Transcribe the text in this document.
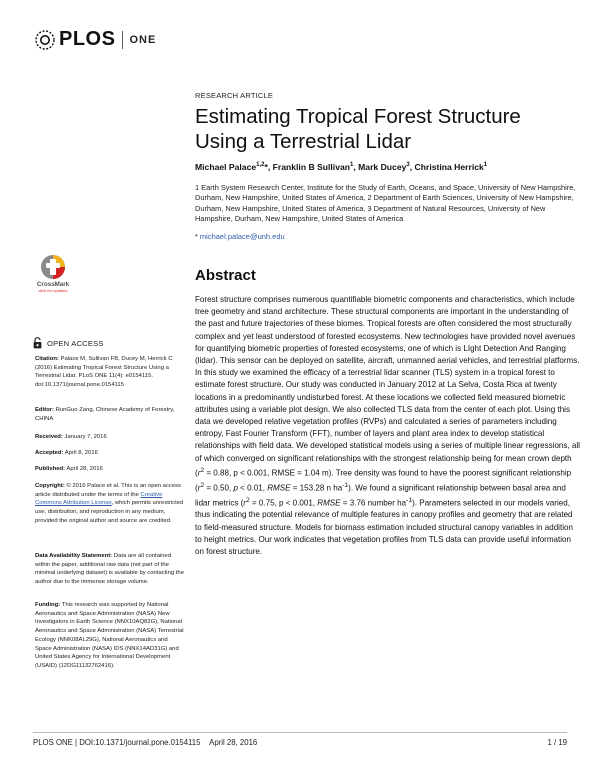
PLOS ONE
RESEARCH ARTICLE
Estimating Tropical Forest Structure Using a Terrestrial Lidar
Michael Palace$^{1,2}$*, Franklin B Sullivan$^1$, Mark Ducey$^3$, Christina Herrick$^1$
1 Earth System Research Center, Institute for the Study of Earth, Oceans, and Space, University of New Hampshire, Durham, New Hampshire, United States of America, 2 Department of Earth Sciences, University of New Hampshire, Durham, New Hampshire, United States of America, 3 Department of Natural Resources, University of New Hampshire, Durham, New Hampshire, United States of America
* michael.palace@unh.edu
CrossMark
click for updates
Abstract

Forest structure comprises numerous quantifiable biometric components and characteristics, which include tree geometry and stand architecture. These structural components are important in the understanding of the past and future trajectories of these biomes. Tropical forests are often considered the most structurally complex and yet least understood of forested ecosystems. New technologies have provided novel avenues for quantifying biometric properties of forested ecosystems, one of which is LIght Detection And Ranging (lidar). This sensor can be deployed on satellite, aircraft, unmanned aerial vehicles, and terrestrial platforms. In this study we examined the efficacy of a terrestrial lidar scanner (TLS) system in a tropical forest to estimate forest structure. Our study was conducted in January 2012 at La Selva, Costa Rica at twenty locations in a predominantly undisturbed forest. At these locations we collected field measured biometric attributes using a variable plot design. We also collected TLS data from the center of each plot. Using this data we developed relative vegetation profiles (RVPs) and calculated a series of parameters including entropy, Fast Fourier Transform (FFT), number of layers and plant area index to develop statistical relationships with field data. We developed statistical models using a series of multiple linear regressions, all of which converged on significant relationships with the strongest relationship being for mean crown depth ($r^2 = 0.88$, p < 0.001, RMSE = 1.04 m). Tree density was found to have the poorest significant relationship ($r^2 = 0.50$, p < 0.01, RMSE = 153.28 n $ha^{-1}$). We found a significant relationship between basal area and lidar metrics ($r^2 = 0.75$, p < 0.001, RMSE = 3.76 number $ha^{-1}$). Parameters selected in our models varied, thus indicating the potential relevance of multiple features in canopy profiles and geometry that are related to field-measured structure. Models for biomass estimation included structural canopy variables in addition to height metrics. Our work indicates that vegetation profiles from TLS data can provide useful information on forest structure.

OPEN ACCESS
Citation: Palace M, Sullivan FB, Ducey M, Herrick C (2016) Estimating Tropical Forest Structure Using a Terrestrial Lidar. PLoS ONE 11(4): e0154115. doi:10.1371/journal.pone.0154115
Editor: RunGuo Zang, Chinese Academy of Forestry, CHINA
Received: January 7, 2016
Accepted: April 8, 2016
Published: April 28, 2016
Copyright: © 2016 Palace et al. This is an open access article distributed under the terms of the Creative Commons Attribution License, which permits unrestricted use, distribution, and reproduction in any medium, provided the original author and source are credited.
Data Availability Statement: Data are all contained within the paper, additional raw data (not part of the minimal underlying dataset) is available by contacting the author due to the immense storage volume.
Funding: This research was supported by National Aeronautics and Space Administration (NASA) New Investigators in Earth Science (NNX10AQ82G), National Aeronautics and Space Administration (NASA) Terrestrial Ecology (NNK08AL29G), National Aeronautics and Space Administration (NASA) IDS (NNX14AD31G) and United States Agency for International Development (USAID) (12DG11132762416).
PLOS ONE | DOI:10.1371/journal.pone.0154115 April 28, 2016	1 / 19
